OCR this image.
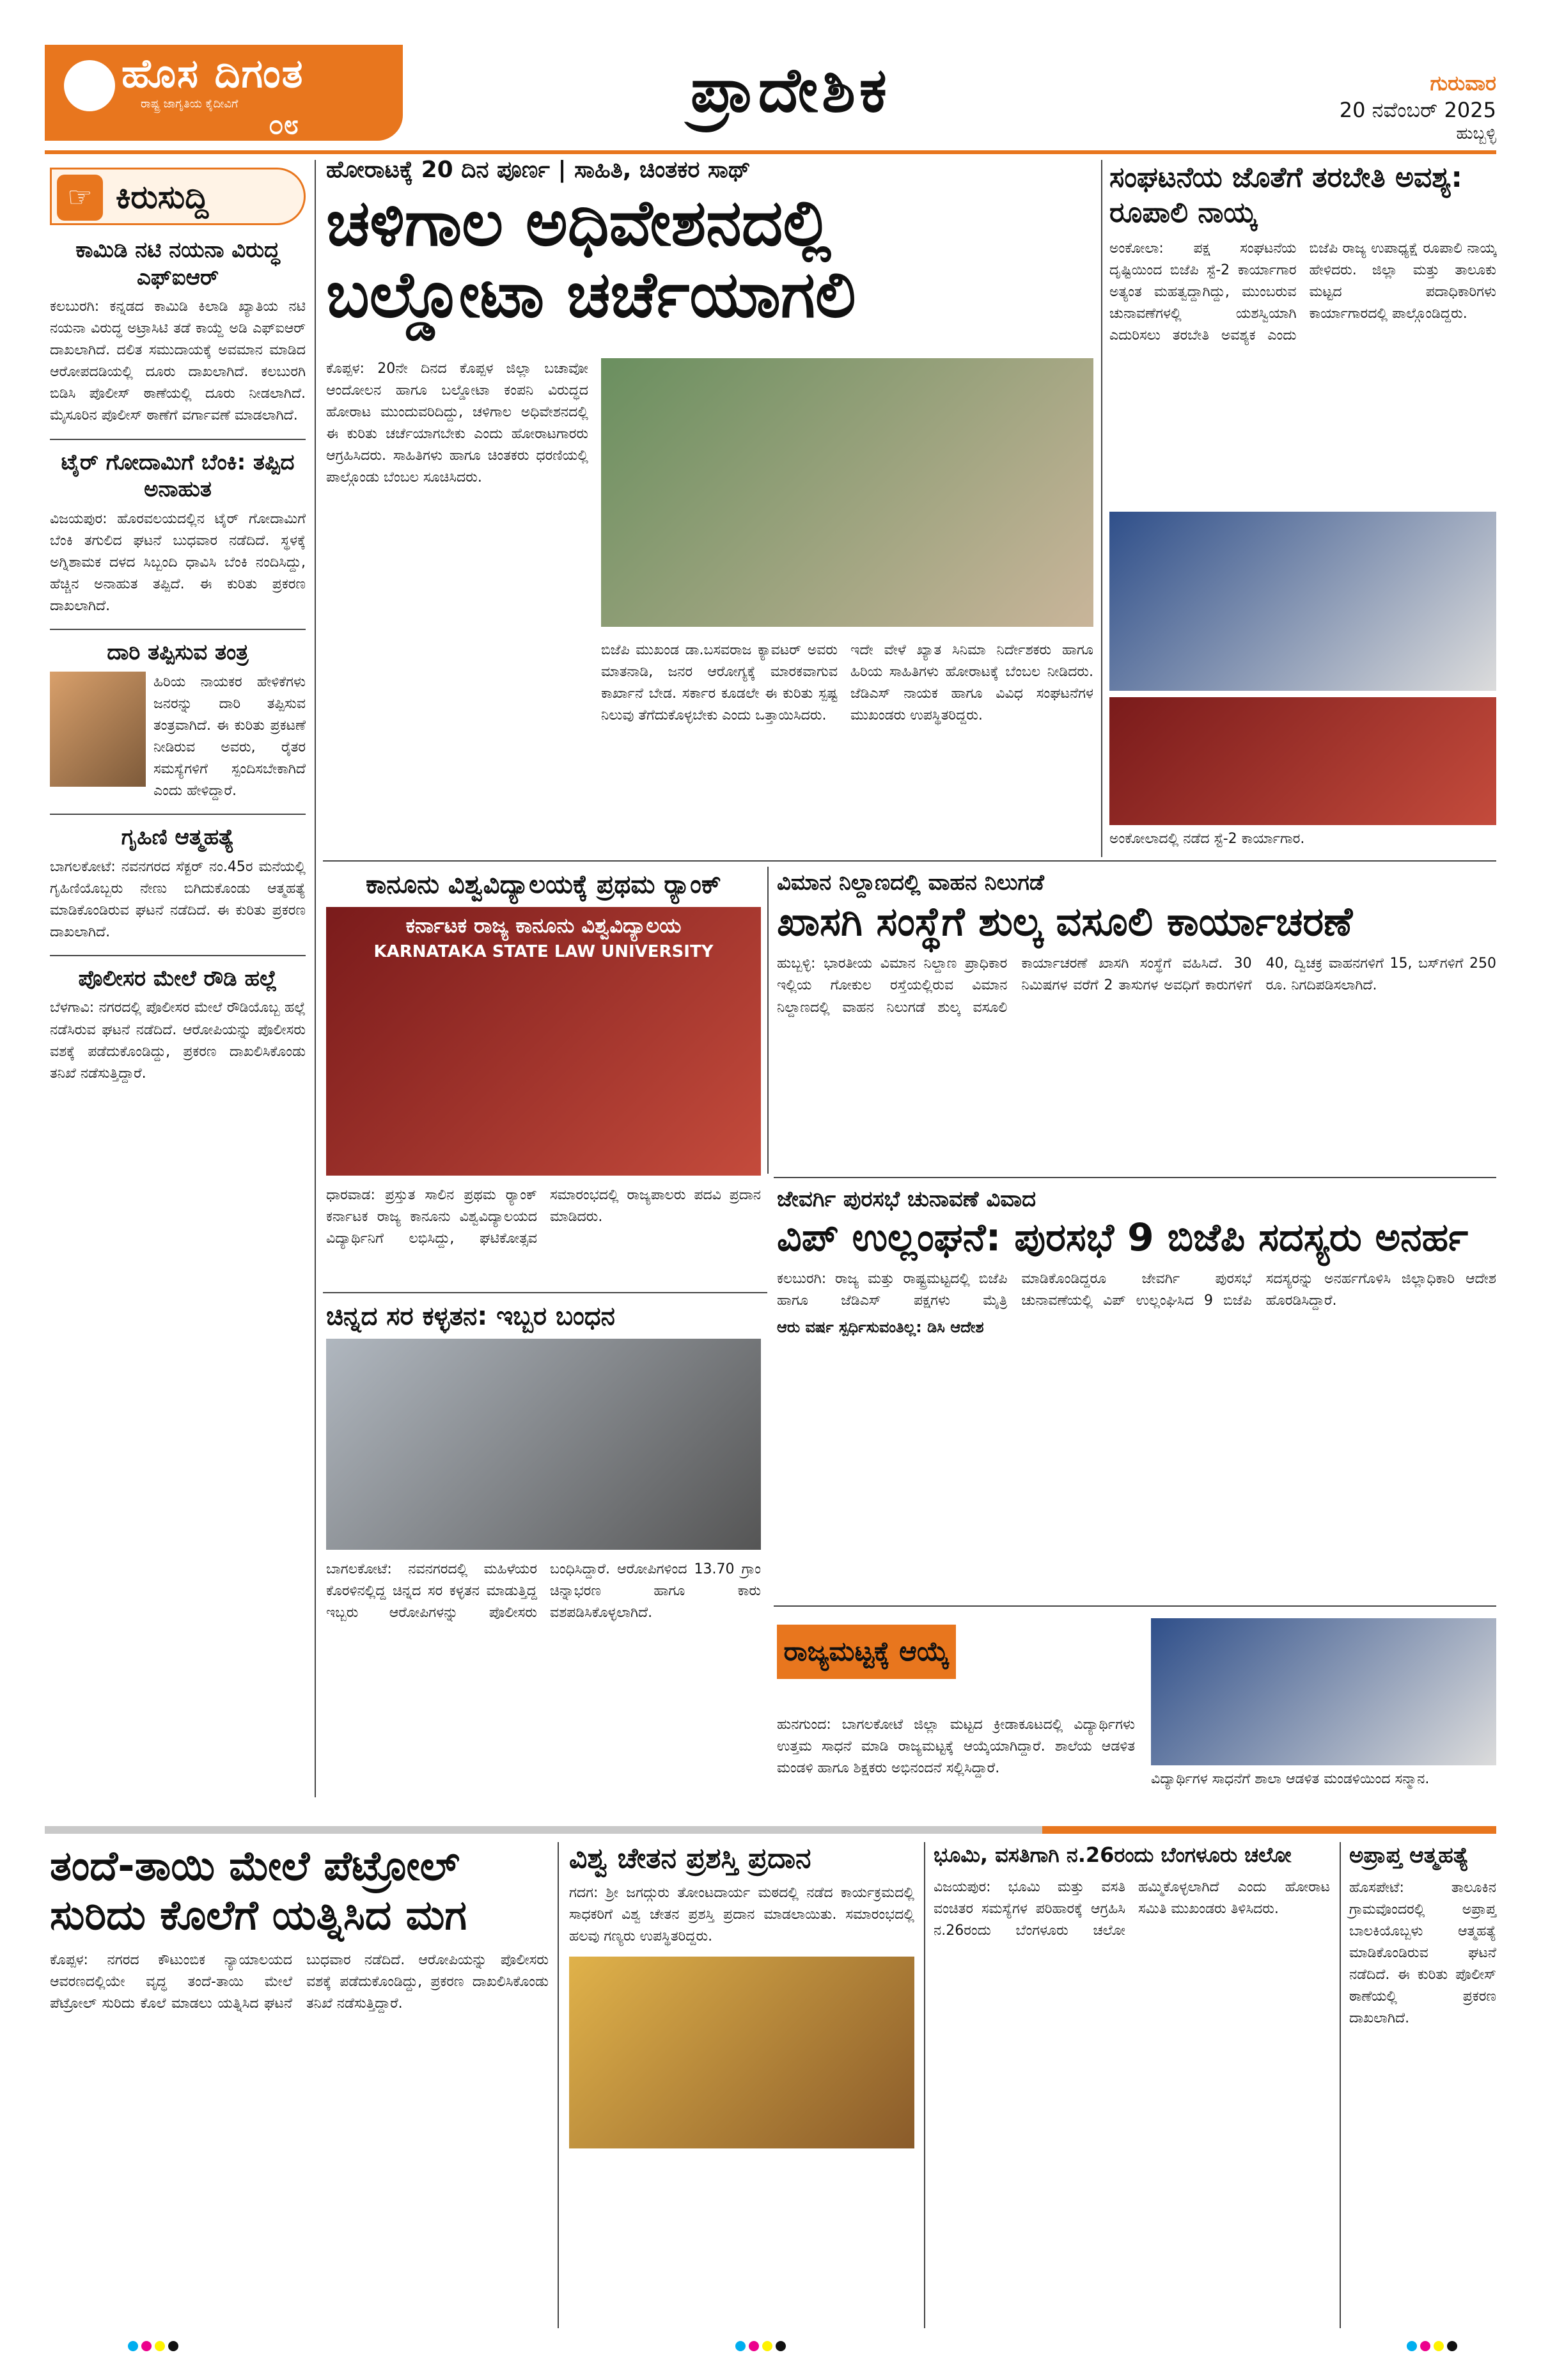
ಹೊಸ ದಿಗಂತ
ರಾಷ್ಟ್ರ ಜಾಗೃತಿಯ ಕೈದೀವಿಗೆ
೦೮	ಪ್ರಾದೇಶಿಕ	ಗುರುವಾರ
20 ನವೆಂಬರ್ 2025
ಹುಬ್ಬಳ್ಳಿ
☞ ಕಿರುಸುದ್ದಿ
ಕಾಮಿಡಿ ನಟಿ ನಯನಾ ವಿರುದ್ಧ ಎಫ್‌ಐಆರ್
ಕಲಬುರಗಿ: ಕನ್ನಡದ ಕಾಮಿಡಿ ಕಿಲಾಡಿ ಖ್ಯಾತಿಯ ನಟಿ ನಯನಾ ವಿರುದ್ಧ ಅಟ್ರಾಸಿಟಿ ತಡೆ ಕಾಯ್ದೆ ಅಡಿ ಎಫ್‌ಐಆರ್ ದಾಖಲಾಗಿದೆ. ದಲಿತ ಸಮುದಾಯಕ್ಕೆ ಅವಮಾನ ಮಾಡಿದ ಆರೋಪದಡಿಯಲ್ಲಿ ದೂರು ದಾಖಲಾಗಿದೆ. ಕಲಬುರಗಿ ಬಿಡಿಸಿ ಪೊಲೀಸ್ ಠಾಣೆಯಲ್ಲಿ ದೂರು ನೀಡಲಾಗಿದೆ. ಮೈಸೂರಿನ ಪೊಲೀಸ್ ಠಾಣೆಗೆ ವರ್ಗಾವಣೆ ಮಾಡಲಾಗಿದೆ.
ಟೈರ್ ಗೋದಾಮಿಗೆ ಬೆಂಕಿ: ತಪ್ಪಿದ ಅನಾಹುತ
ವಿಜಯಪುರ: ಹೊರವಲಯದಲ್ಲಿನ ಟೈರ್ ಗೋದಾಮಿಗೆ ಬೆಂಕಿ ತಗುಲಿದ ಘಟನೆ ಬುಧವಾರ ನಡೆದಿದೆ. ಸ್ಥಳಕ್ಕೆ ಅಗ್ನಿಶಾಮಕ ದಳದ ಸಿಬ್ಬಂದಿ ಧಾವಿಸಿ ಬೆಂಕಿ ನಂದಿಸಿದ್ದು, ಹೆಚ್ಚಿನ ಅನಾಹುತ ತಪ್ಪಿದೆ. ಈ ಕುರಿತು ಪ್ರಕರಣ ದಾಖಲಾಗಿದೆ.
ದಾರಿ ತಪ್ಪಿಸುವ ತಂತ್ರ
ಹಿರಿಯ ನಾಯಕರ ಹೇಳಿಕೆಗಳು ಜನರನ್ನು ದಾರಿ ತಪ್ಪಿಸುವ ತಂತ್ರವಾಗಿದೆ. ಈ ಕುರಿತು ಪ್ರಕಟಣೆ ನೀಡಿರುವ ಅವರು, ರೈತರ ಸಮಸ್ಯೆಗಳಿಗೆ ಸ್ಪಂದಿಸಬೇಕಾಗಿದೆ ಎಂದು ಹೇಳಿದ್ದಾರೆ.
ಗೃಹಿಣಿ ಆತ್ಮಹತ್ಯೆ
ಬಾಗಲಕೋಟೆ: ನವನಗರದ ಸೆಕ್ಟರ್ ನಂ.45ರ ಮನೆಯಲ್ಲಿ ಗೃಹಿಣಿಯೊಬ್ಬರು ನೇಣು ಬಿಗಿದುಕೊಂಡು ಆತ್ಮಹತ್ಯೆ ಮಾಡಿಕೊಂಡಿರುವ ಘಟನೆ ನಡೆದಿದೆ. ಈ ಕುರಿತು ಪ್ರಕರಣ ದಾಖಲಾಗಿದೆ.
ಪೊಲೀಸರ ಮೇಲೆ ರೌಡಿ ಹಲ್ಲೆ
ಬೆಳಗಾವಿ: ನಗರದಲ್ಲಿ ಪೊಲೀಸರ ಮೇಲೆ ರೌಡಿಯೊಬ್ಬ ಹಲ್ಲೆ ನಡೆಸಿರುವ ಘಟನೆ ನಡೆದಿದೆ. ಆರೋಪಿಯನ್ನು ಪೊಲೀಸರು ವಶಕ್ಕೆ ಪಡೆದುಕೊಂಡಿದ್ದು, ಪ್ರಕರಣ ದಾಖಲಿಸಿಕೊಂಡು ತನಿಖೆ ನಡೆಸುತ್ತಿದ್ದಾರೆ.
ಹೋರಾಟಕ್ಕೆ 20 ದಿನ ಪೂರ್ಣ | ಸಾಹಿತಿ, ಚಿಂತಕರ ಸಾಥ್
ಚಳಿಗಾಲ ಅಧಿವೇಶನದಲ್ಲಿ
ಬಲ್ಡೋಟಾ ಚರ್ಚೆಯಾಗಲಿ
ಕೊಪ್ಪಳ: 20ನೇ ದಿನದ ಕೊಪ್ಪಳ ಜಿಲ್ಲಾ ಬಚಾವೋ ಆಂದೋಲನ ಹಾಗೂ ಬಲ್ಡೋಟಾ ಕಂಪನಿ ವಿರುದ್ಧದ ಹೋರಾಟ ಮುಂದುವರಿದಿದ್ದು, ಚಳಿಗಾಲ ಅಧಿವೇಶನದಲ್ಲಿ ಈ ಕುರಿತು ಚರ್ಚೆಯಾಗಬೇಕು ಎಂದು ಹೋರಾಟಗಾರರು ಆಗ್ರಹಿಸಿದರು. ಸಾಹಿತಿಗಳು ಹಾಗೂ ಚಿಂತಕರು ಧರಣಿಯಲ್ಲಿ ಪಾಲ್ಗೊಂಡು ಬೆಂಬಲ ಸೂಚಿಸಿದರು.
ಬಿಜೆಪಿ ಮುಖಂಡ ಡಾ.ಬಸವರಾಜ ಕ್ಯಾವಟರ್ ಅವರು ಮಾತನಾಡಿ, ಜನರ ಆರೋಗ್ಯಕ್ಕೆ ಮಾರಕವಾಗುವ ಕಾರ್ಖಾನೆ ಬೇಡ. ಸರ್ಕಾರ ಕೂಡಲೇ ಈ ಕುರಿತು ಸ್ಪಷ್ಟ ನಿಲುವು ತೆಗೆದುಕೊಳ್ಳಬೇಕು ಎಂದು ಒತ್ತಾಯಿಸಿದರು.
ಇದೇ ವೇಳೆ ಖ್ಯಾತ ಸಿನಿಮಾ ನಿರ್ದೇಶಕರು ಹಾಗೂ ಹಿರಿಯ ಸಾಹಿತಿಗಳು ಹೋರಾಟಕ್ಕೆ ಬೆಂಬಲ ನೀಡಿದರು. ಜೆಡಿಎಸ್ ನಾಯಕ ಹಾಗೂ ವಿವಿಧ ಸಂಘಟನೆಗಳ ಮುಖಂಡರು ಉಪಸ್ಥಿತರಿದ್ದರು.
ಸಂಘಟನೆಯ ಜೊತೆಗೆ ತರಬೇತಿ ಅವಶ್ಯ: ರೂಪಾಲಿ ನಾಯ್ಕ
ಅಂಕೋಲಾ: ಪಕ್ಷ ಸಂಘಟನೆಯ ದೃಷ್ಟಿಯಿಂದ ಬಿಜೆಪಿ ಸ್ಟೆ-2 ಕಾರ್ಯಾಗಾರ ಅತ್ಯಂತ ಮಹತ್ವದ್ದಾಗಿದ್ದು, ಮುಂಬರುವ ಚುನಾವಣೆಗಳಲ್ಲಿ ಯಶಸ್ವಿಯಾಗಿ ಎದುರಿಸಲು ತರಬೇತಿ ಅವಶ್ಯಕ ಎಂದು ಬಿಜೆಪಿ ರಾಜ್ಯ ಉಪಾಧ್ಯಕ್ಷೆ ರೂಪಾಲಿ ನಾಯ್ಕ ಹೇಳಿದರು. ಜಿಲ್ಲಾ ಮತ್ತು ತಾಲೂಕು ಮಟ್ಟದ ಪದಾಧಿಕಾರಿಗಳು ಕಾರ್ಯಾಗಾರದಲ್ಲಿ ಪಾಲ್ಗೊಂಡಿದ್ದರು.
ಅಂಕೋಲಾದಲ್ಲಿ ನಡೆದ ಸ್ಟೆ-2 ಕಾರ್ಯಾಗಾರ.
ಕಾನೂನು ವಿಶ್ವವಿದ್ಯಾಲಯಕ್ಕೆ ಪ್ರಥಮ ರ‍್ಯಾಂಕ್
ಕರ್ನಾಟಕ ರಾಜ್ಯ ಕಾನೂನು ವಿಶ್ವವಿದ್ಯಾಲಯ
KARNATAKA STATE LAW UNIVERSITY
ಧಾರವಾಡ: ಪ್ರಸ್ತುತ ಸಾಲಿನ ಪ್ರಥಮ ರ‍್ಯಾಂಕ್ ಕರ್ನಾಟಕ ರಾಜ್ಯ ಕಾನೂನು ವಿಶ್ವವಿದ್ಯಾಲಯದ ವಿದ್ಯಾರ್ಥಿನಿಗೆ ಲಭಿಸಿದ್ದು, ಘಟಿಕೋತ್ಸವ ಸಮಾರಂಭದಲ್ಲಿ ರಾಜ್ಯಪಾಲರು ಪದವಿ ಪ್ರದಾನ ಮಾಡಿದರು.
ವಿಮಾನ ನಿಲ್ದಾಣದಲ್ಲಿ ವಾಹನ ನಿಲುಗಡೆ
ಖಾಸಗಿ ಸಂಸ್ಥೆಗೆ ಶುಲ್ಕ ವಸೂಲಿ ಕಾರ್ಯಾಚರಣೆ
ಹುಬ್ಬಳ್ಳಿ: ಭಾರತೀಯ ವಿಮಾನ ನಿಲ್ದಾಣ ಪ್ರಾಧಿಕಾರ ಇಲ್ಲಿಯ ಗೋಕುಲ ರಸ್ತೆಯಲ್ಲಿರುವ ವಿಮಾನ ನಿಲ್ದಾಣದಲ್ಲಿ ವಾಹನ ನಿಲುಗಡೆ ಶುಲ್ಕ ವಸೂಲಿ ಕಾರ್ಯಾಚರಣೆ ಖಾಸಗಿ ಸಂಸ್ಥೆಗೆ ವಹಿಸಿದೆ. 30 ನಿಮಿಷಗಳ ವರೆಗೆ 2 ತಾಸುಗಳ ಅವಧಿಗೆ ಕಾರುಗಳಿಗೆ 40, ದ್ವಿಚಕ್ರ ವಾಹನಗಳಿಗೆ 15, ಬಸ್‌ಗಳಿಗೆ 250 ರೂ. ನಿಗದಿಪಡಿಸಲಾಗಿದೆ.
ಜೇವರ್ಗಿ ಪುರಸಭೆ ಚುನಾವಣೆ ವಿವಾದ
ವಿಪ್ ಉಲ್ಲಂಘನೆ: ಪುರಸಭೆ 9 ಬಿಜೆಪಿ ಸದಸ್ಯರು ಅನರ್ಹ
ಕಲಬುರಗಿ: ರಾಜ್ಯ ಮತ್ತು ರಾಷ್ಟ್ರಮಟ್ಟದಲ್ಲಿ ಬಿಜೆಪಿ ಹಾಗೂ ಜೆಡಿಎಸ್ ಪಕ್ಷಗಳು ಮೈತ್ರಿ ಮಾಡಿಕೊಂಡಿದ್ದರೂ ಜೇವರ್ಗಿ ಪುರಸಭೆ ಚುನಾವಣೆಯಲ್ಲಿ ವಿಪ್ ಉಲ್ಲಂಘಿಸಿದ 9 ಬಿಜೆಪಿ ಸದಸ್ಯರನ್ನು ಅನರ್ಹಗೊಳಿಸಿ ಜಿಲ್ಲಾಧಿಕಾರಿ ಆದೇಶ ಹೊರಡಿಸಿದ್ದಾರೆ.
ಆರು ವರ್ಷ ಸ್ಪರ್ಧಿಸುವಂತಿಲ್ಲ: ಡಿಸಿ ಆದೇಶ
ಚಿನ್ನದ ಸರ ಕಳ್ಳತನ: ಇಬ್ಬರ ಬಂಧನ
ಬಾಗಲಕೋಟೆ: ನವನಗರದಲ್ಲಿ ಮಹಿಳೆಯರ ಕೊರಳಿನಲ್ಲಿದ್ದ ಚಿನ್ನದ ಸರ ಕಳ್ಳತನ ಮಾಡುತ್ತಿದ್ದ ಇಬ್ಬರು ಆರೋಪಿಗಳನ್ನು ಪೊಲೀಸರು ಬಂಧಿಸಿದ್ದಾರೆ. ಆರೋಪಿಗಳಿಂದ 13.70 ಗ್ರಾಂ ಚಿನ್ನಾಭರಣ ಹಾಗೂ ಕಾರು ವಶಪಡಿಸಿಕೊಳ್ಳಲಾಗಿದೆ.
ರಾಜ್ಯಮಟ್ಟಕ್ಕೆ ಆಯ್ಕೆ
ಹುನಗುಂದ: ಬಾಗಲಕೋಟೆ ಜಿಲ್ಲಾ ಮಟ್ಟದ ಕ್ರೀಡಾಕೂಟದಲ್ಲಿ ವಿದ್ಯಾರ್ಥಿಗಳು ಉತ್ತಮ ಸಾಧನೆ ಮಾಡಿ ರಾಜ್ಯಮಟ್ಟಕ್ಕೆ ಆಯ್ಕೆಯಾಗಿದ್ದಾರೆ. ಶಾಲೆಯ ಆಡಳಿತ ಮಂಡಳಿ ಹಾಗೂ ಶಿಕ್ಷಕರು ಅಭಿನಂದನೆ ಸಲ್ಲಿಸಿದ್ದಾರೆ.
ವಿದ್ಯಾರ್ಥಿಗಳ ಸಾಧನೆಗೆ ಶಾಲಾ ಆಡಳಿತ ಮಂಡಳಿಯಿಂದ ಸನ್ಮಾನ.
ತಂದೆ-ತಾಯಿ ಮೇಲೆ ಪೆಟ್ರೋಲ್
ಸುರಿದು ಕೊಲೆಗೆ ಯತ್ನಿಸಿದ ಮಗ
ಕೊಪ್ಪಳ: ನಗರದ ಕೌಟುಂಬಿಕ ನ್ಯಾಯಾಲಯದ ಆವರಣದಲ್ಲಿಯೇ ವೃದ್ಧ ತಂದೆ-ತಾಯಿ ಮೇಲೆ ಪೆಟ್ರೋಲ್ ಸುರಿದು ಕೊಲೆ ಮಾಡಲು ಯತ್ನಿಸಿದ ಘಟನೆ ಬುಧವಾರ ನಡೆದಿದೆ. ಆರೋಪಿಯನ್ನು ಪೊಲೀಸರು ವಶಕ್ಕೆ ಪಡೆದುಕೊಂಡಿದ್ದು, ಪ್ರಕರಣ ದಾಖಲಿಸಿಕೊಂಡು ತನಿಖೆ ನಡೆಸುತ್ತಿದ್ದಾರೆ.
ವಿಶ್ವ ಚೇತನ ಪ್ರಶಸ್ತಿ ಪ್ರದಾನ
ಗದಗ: ಶ್ರೀ ಜಗದ್ಗುರು ತೋಂಟದಾರ್ಯ ಮಠದಲ್ಲಿ ನಡೆದ ಕಾರ್ಯಕ್ರಮದಲ್ಲಿ ಸಾಧಕರಿಗೆ ವಿಶ್ವ ಚೇತನ ಪ್ರಶಸ್ತಿ ಪ್ರದಾನ ಮಾಡಲಾಯಿತು. ಸಮಾರಂಭದಲ್ಲಿ ಹಲವು ಗಣ್ಯರು ಉಪಸ್ಥಿತರಿದ್ದರು.
ಭೂಮಿ, ವಸತಿಗಾಗಿ ನ.26ರಂದು ಬೆಂಗಳೂರು ಚಲೋ
ವಿಜಯಪುರ: ಭೂಮಿ ಮತ್ತು ವಸತಿ ವಂಚಿತರ ಸಮಸ್ಯೆಗಳ ಪರಿಹಾರಕ್ಕೆ ಆಗ್ರಹಿಸಿ ನ.26ರಂದು ಬೆಂಗಳೂರು ಚಲೋ ಹಮ್ಮಿಕೊಳ್ಳಲಾಗಿದೆ ಎಂದು ಹೋರಾಟ ಸಮಿತಿ ಮುಖಂಡರು ತಿಳಿಸಿದರು.
ಅಪ್ರಾಪ್ತ ಆತ್ಮಹತ್ಯೆ
ಹೊಸಪೇಟೆ: ತಾಲೂಕಿನ ಗ್ರಾಮವೊಂದರಲ್ಲಿ ಅಪ್ರಾಪ್ತ ಬಾಲಕಿಯೊಬ್ಬಳು ಆತ್ಮಹತ್ಯೆ ಮಾಡಿಕೊಂಡಿರುವ ಘಟನೆ ನಡೆದಿದೆ. ಈ ಕುರಿತು ಪೊಲೀಸ್ ಠಾಣೆಯಲ್ಲಿ ಪ್ರಕರಣ ದಾಖಲಾಗಿದೆ.
